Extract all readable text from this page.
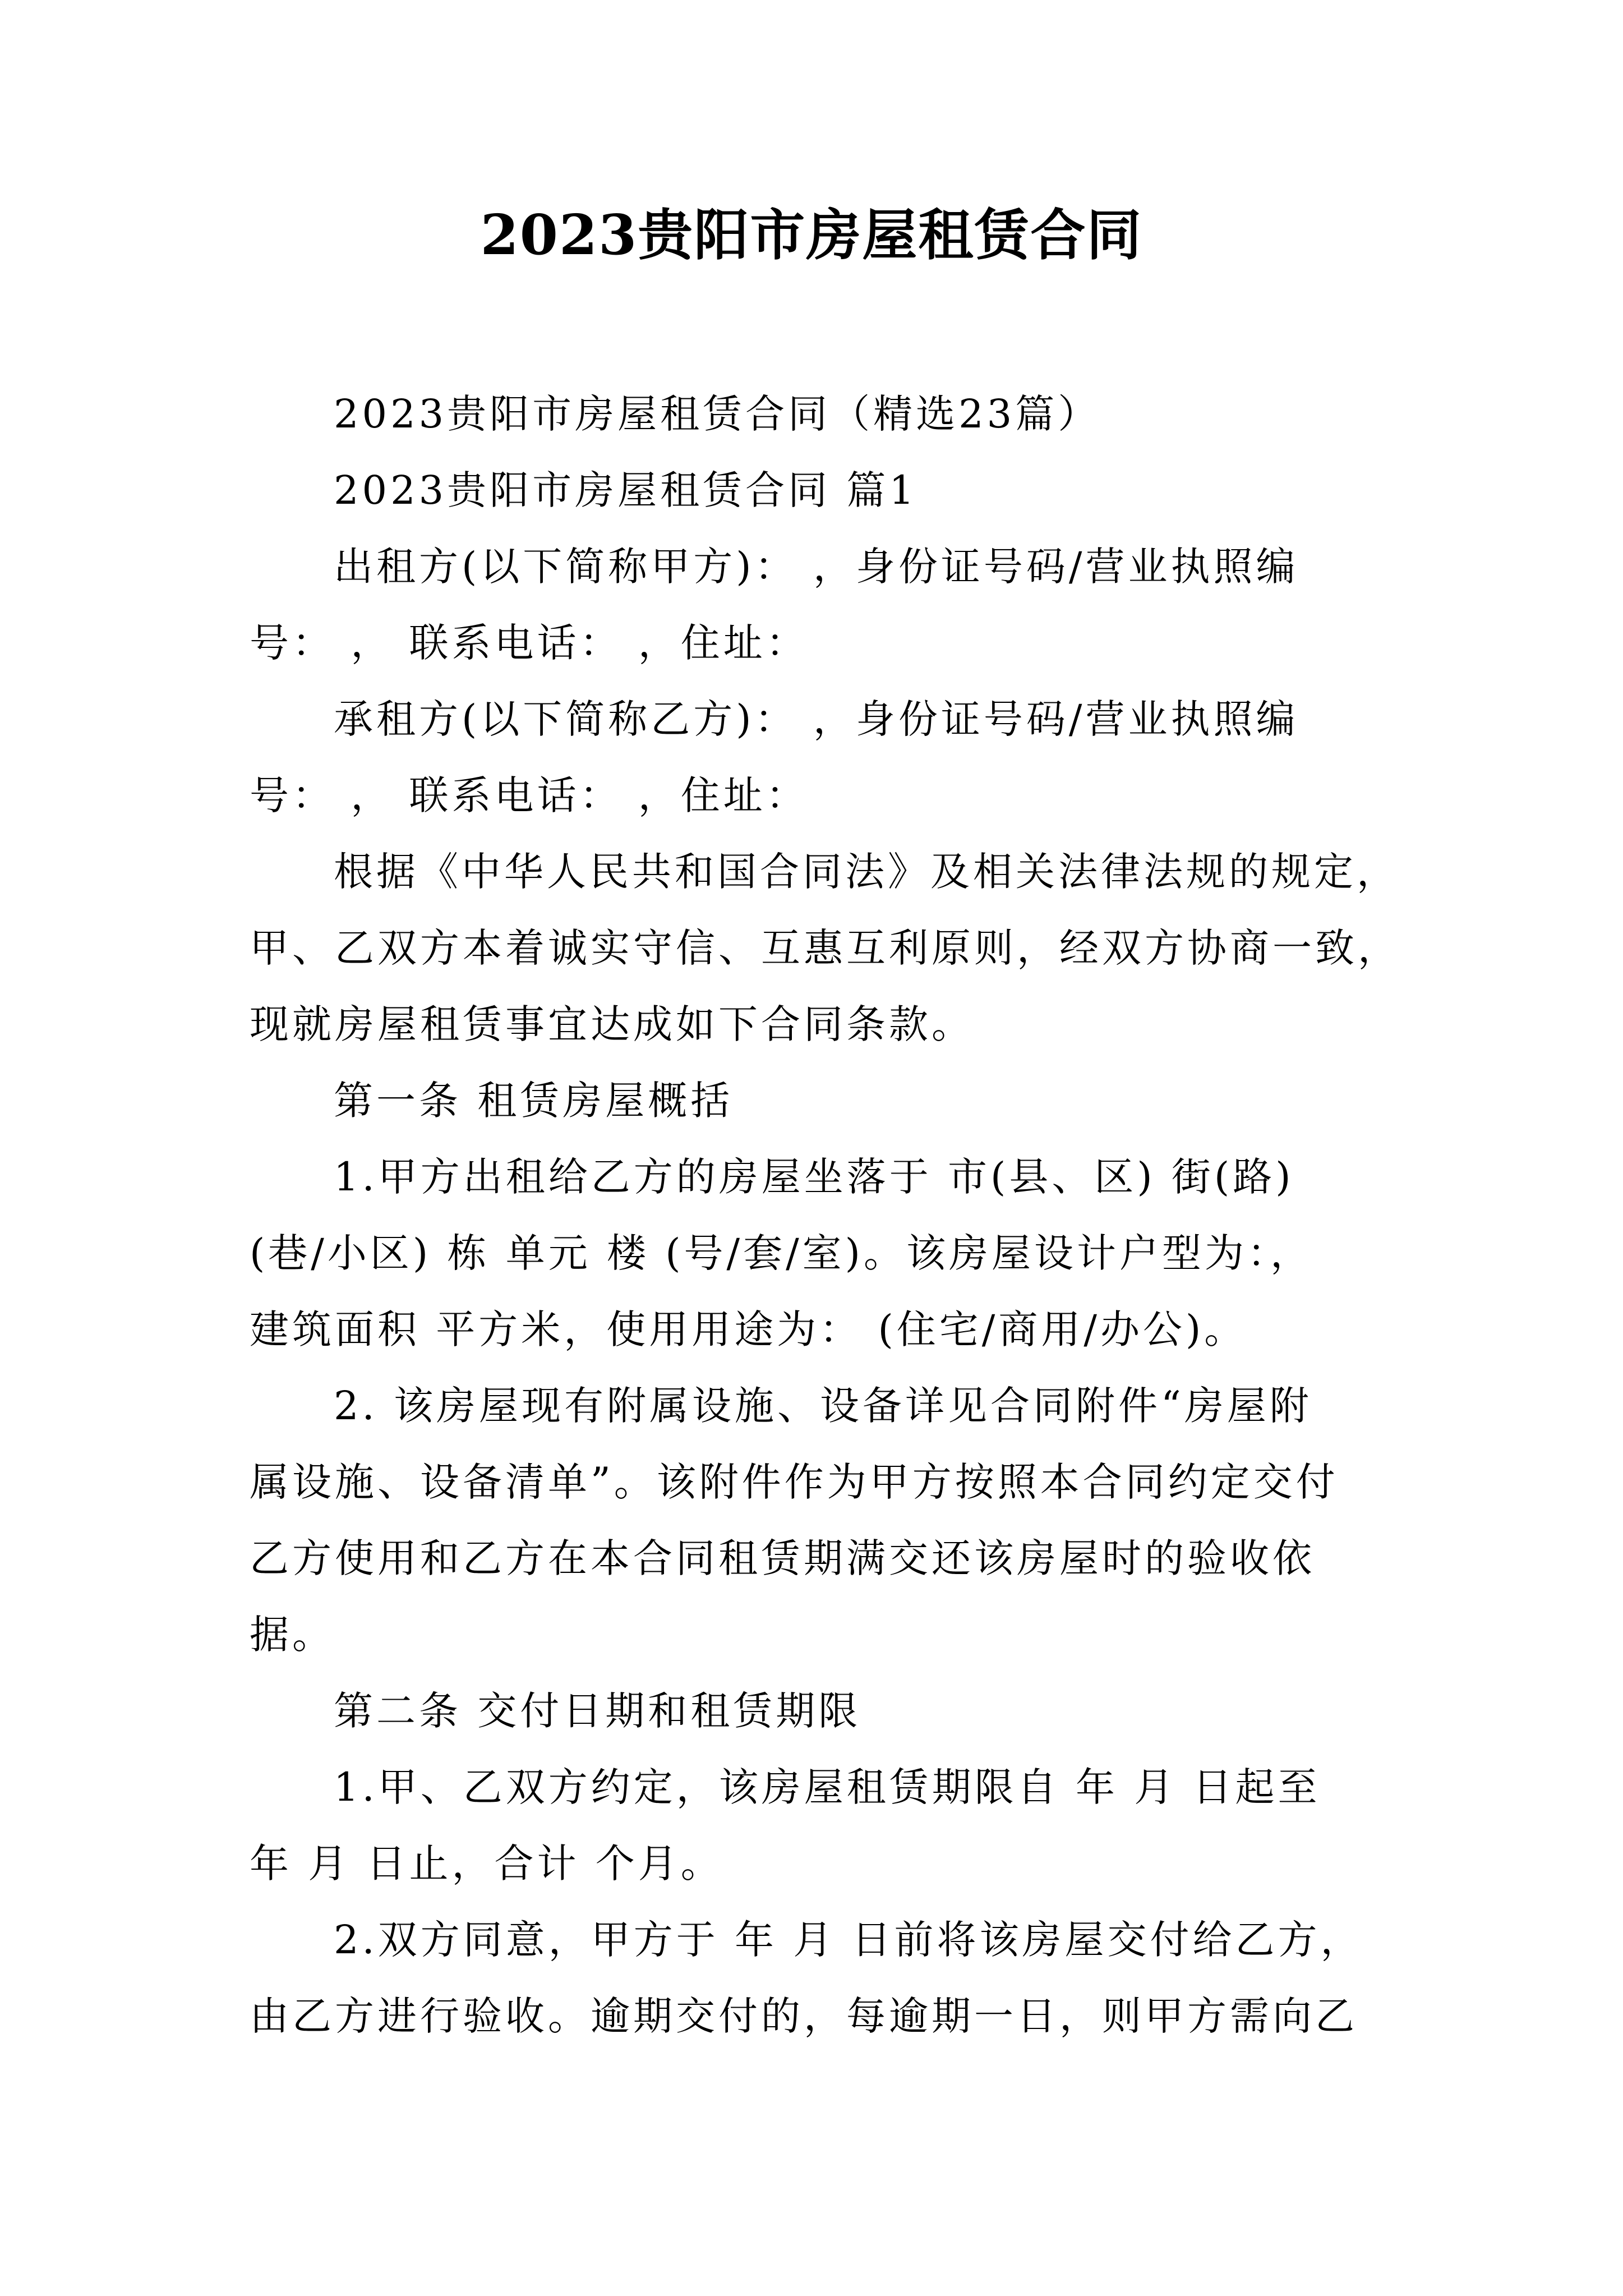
2023贵阳市房屋租赁合同

2023贵阳市房屋租赁合同（精选23篇）

2023贵阳市房屋租赁合同 篇1

出租方(以下简称甲方)： ，身份证号码/营业执照编

号： ， 联系电话： ，住址：

承租方(以下简称乙方)： ，身份证号码/营业执照编

号： ， 联系电话： ，住址：

根据《中华人民共和国合同法》及相关法律法规的规定，

甲、乙双方本着诚实守信、互惠互利原则，经双方协商一致，

现就房屋租赁事宜达成如下合同条款。

第一条 租赁房屋概括

1.甲方出租给乙方的房屋坐落于 市(县、区) 街(路)

(巷/小区) 栋 单元 楼 (号/套/室)。该房屋设计户型为：，

建筑面积 平方米，使用用途为： (住宅/商用/办公)。

2. 该房屋现有附属设施、设备详见合同附件“房屋附

属设施、设备清单”。该附件作为甲方按照本合同约定交付

乙方使用和乙方在本合同租赁期满交还该房屋时的验收依

据。

第二条 交付日期和租赁期限

1.甲、乙双方约定，该房屋租赁期限自 年 月 日起至

年 月 日止，合计 个月。

2.双方同意，甲方于 年 月 日前将该房屋交付给乙方，

由乙方进行验收。逾期交付的，每逾期一日，则甲方需向乙
